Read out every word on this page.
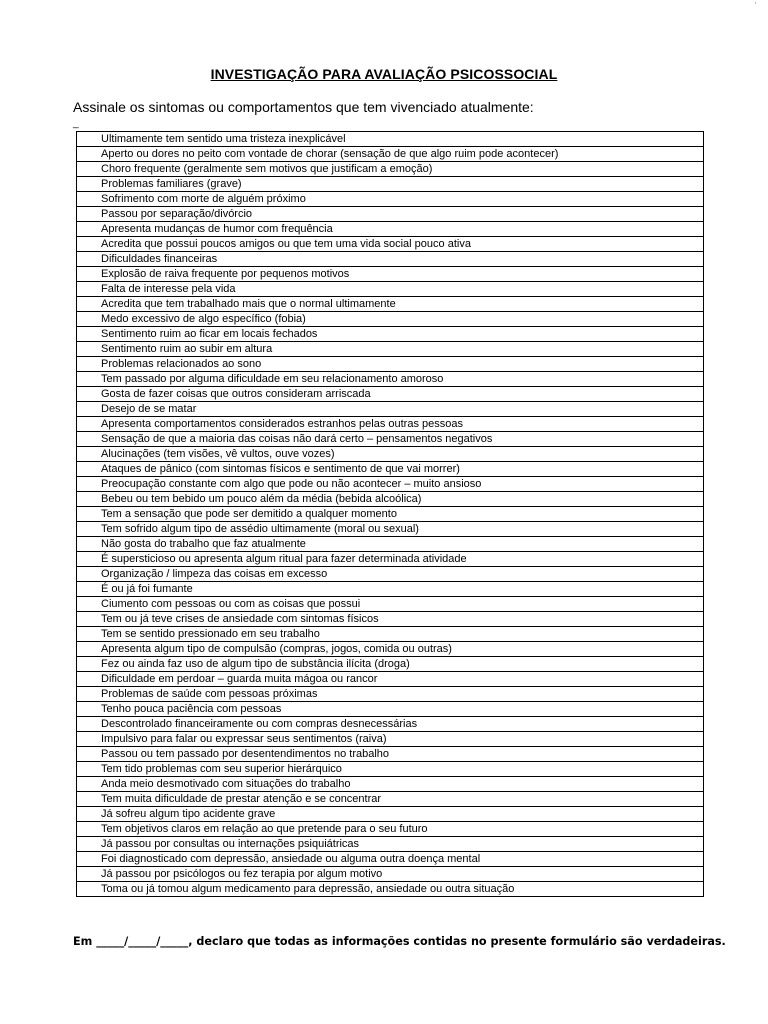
'
INVESTIGAÇÃO PARA AVALIAÇÃO PSICOSSOCIAL
Assinale os sintomas ou comportamentos que tem vivenciado atualmente:
_
Ultimamente tem sentido uma tristeza inexplicável
Aperto ou dores no peito com vontade de chorar (sensação de que algo ruim pode acontecer)
Choro frequente (geralmente sem motivos que justificam a emoção)
Problemas familiares (grave)
Sofrimento com morte de alguém próximo
Passou por separação/divórcio
Apresenta mudanças de humor com frequência
Acredita que possui poucos amigos ou que tem uma vida social pouco ativa
Dificuldades financeiras
Explosão de raiva frequente por pequenos motivos
Falta de interesse pela vida
Acredita que tem trabalhado mais que o normal ultimamente
Medo excessivo de algo específico (fobia)
Sentimento ruim ao ficar em locais fechados
Sentimento ruim ao subir em altura
Problemas relacionados ao sono
Tem passado por alguma dificuldade em seu relacionamento amoroso
Gosta de fazer coisas que outros consideram arriscada
Desejo de se matar
Apresenta comportamentos considerados estranhos pelas outras pessoas
Sensação de que a maioria das coisas não dará certo – pensamentos negativos
Alucinações (tem visões, vê vultos, ouve vozes)
Ataques de pânico (com sintomas físicos e sentimento de que vai morrer)
Preocupação constante com algo que pode ou não acontecer – muito ansioso
Bebeu ou tem bebido um pouco além da média (bebida alcoólica)
Tem a sensação que pode ser demitido a qualquer momento
Tem sofrido algum tipo de assédio ultimamente (moral ou sexual)
Não gosta do trabalho que faz atualmente
É supersticioso ou apresenta algum ritual para fazer determinada atividade
Organização / limpeza das coisas em excesso
É ou já foi fumante
Ciumento com pessoas ou com as coisas que possui
Tem ou já teve crises de ansiedade com sintomas físicos
Tem se sentido pressionado em seu trabalho
Apresenta algum tipo de compulsão (compras, jogos, comida ou outras)
Fez ou ainda faz uso de algum tipo de substância ilícita (droga)
Dificuldade em perdoar – guarda muita mágoa ou rancor
Problemas de saúde com pessoas próximas
Tenho pouca paciência com pessoas
Descontrolado financeiramente ou com compras desnecessárias
Impulsivo para falar ou expressar seus sentimentos (raiva)
Passou ou tem passado por desentendimentos no trabalho
Tem tido problemas com seu superior hierárquico
Anda meio desmotivado com situações do trabalho
Tem muita dificuldade de prestar atenção e se concentrar
Já sofreu algum tipo acidente grave
Tem objetivos claros em relação ao que pretende para o seu futuro
Já passou por consultas ou internações psiquiátricas
Foi diagnosticado com depressão, ansiedade ou alguma outra doença mental
Já passou por psicólogos ou fez terapia por algum motivo
Toma ou já tomou algum medicamento para depressão, ansiedade ou outra situação
Em _____/_____/_____, declaro que todas as informações contidas no presente formulário são verdadeiras.
